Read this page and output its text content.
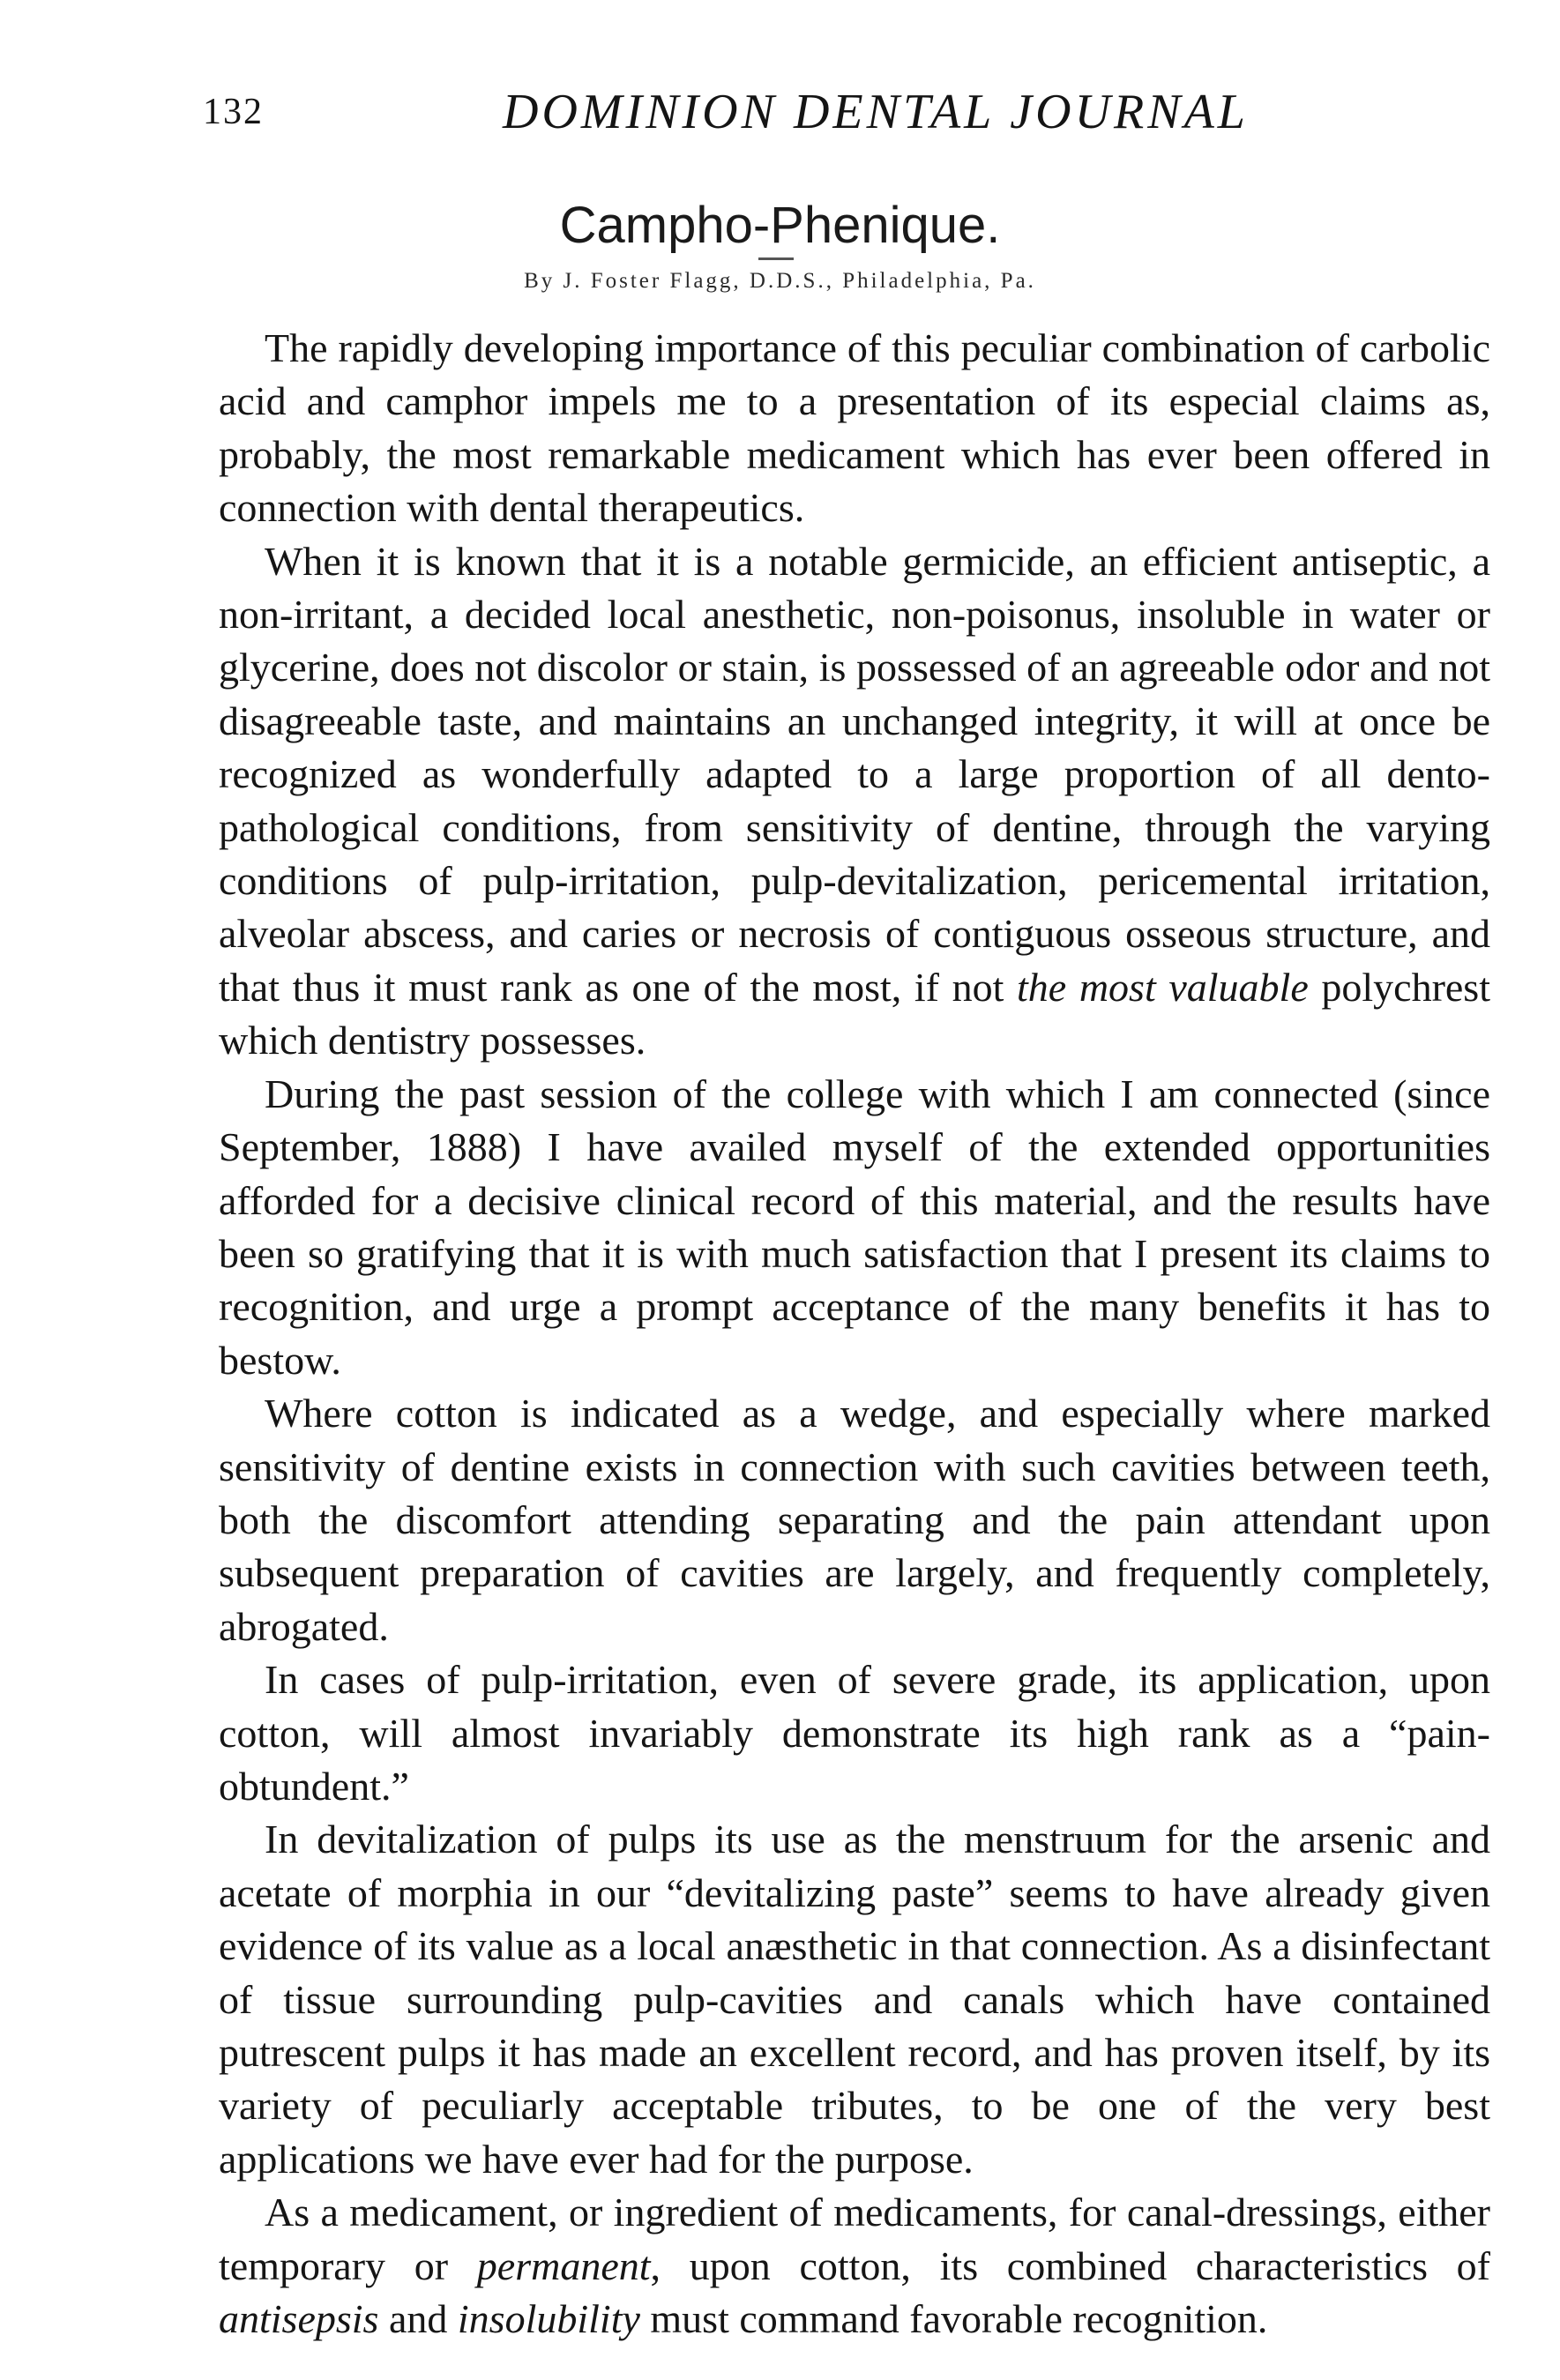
132	DOMINION DENTAL JOURNAL
Campho-Phenique.
By J. Foster Flagg, D.D.S., Philadelphia, Pa.

The rapidly developing importance of this peculiar combination of carbolic acid and camphor impels me to a presentation of its especial claims as, probably, the most remarkable medicament which has ever been offered in connection with dental therapeutics.

When it is known that it is a notable germicide, an efficient antiseptic, a non-irritant, a decided local anesthetic, non-poisonus, insoluble in water or glycerine, does not discolor or stain, is possessed of an agreeable odor and not disagreeable taste, and maintains an unchanged integrity, it will at once be recognized as wonderfully adapted to a large proportion of all dento-pathological conditions, from sensitivity of dentine, through the varying conditions of pulp-irritation, pulp-devitalization, pericemental irritation, alveolar abscess, and caries or necrosis of contiguous osseous structure, and that thus it must rank as one of the most, if not the most valuable polychrest which dentistry possesses.

During the past session of the college with which I am connected (since September, 1888) I have availed myself of the extended opportunities afforded for a decisive clinical record of this material, and the results have been so gratifying that it is with much satisfaction that I present its claims to recognition, and urge a prompt acceptance of the many benefits it has to bestow.

Where cotton is indicated as a wedge, and especially where marked sensitivity of dentine exists in connection with such cavities between teeth, both the discomfort attending separating and the pain attendant upon subsequent preparation of cavities are largely, and frequently completely, abrogated.

In cases of pulp-irritation, even of severe grade, its application, upon cotton, will almost invariably demonstrate its high rank as a “pain-obtundent.”

In devitalization of pulps its use as the menstruum for the arsenic and acetate of morphia in our “devitalizing paste” seems to have already given evidence of its value as a local anæsthetic in that connection. As a disinfectant of tissue surrounding pulp-cavities and canals which have contained putrescent pulps it has made an excellent record, and has proven itself, by its variety of peculiarly acceptable tributes, to be one of the very best applications we have ever had for the purpose.

As a medicament, or ingredient of medicaments, for canal-dressings, either temporary or permanent, upon cotton, its combined characteristics of antisepsis and insolubility must command favorable recognition.
